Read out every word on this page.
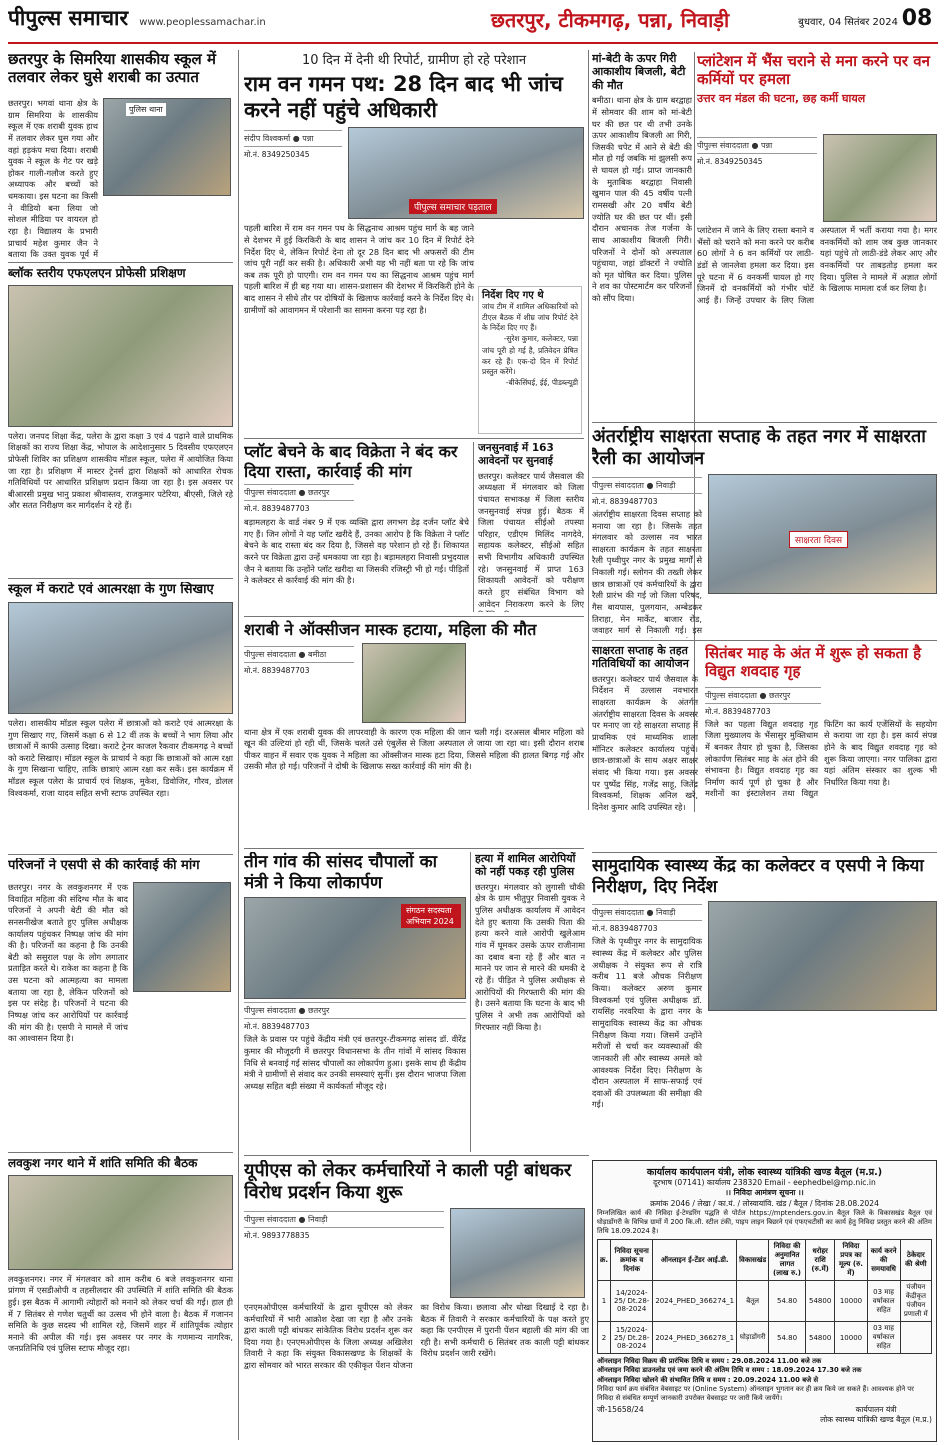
पीपुल्स समाचार www.peoplessamachar.in	छतरपुर, टीकमगढ़, पन्ना, निवाड़ी	बुधवार, 04 सितंबर 2024 08
छतरपुर के सिमरिया शासकीय स्कूल में तलवार लेकर घुसे शराबी का उत्पात
पुलिस थाना
छतरपुर। भगवां थाना क्षेत्र के ग्राम सिमरिया के शासकीय स्कूल में एक शराबी युवक हाथ में तलवार लेकर घुस गया और वहां हड़कंप मचा दिया। शराबी युवक ने स्कूल के गेट पर खड़े होकर गाली-गलौज करते हुए अध्यापक और बच्चों को धमकाया। इस घटना का किसी ने वीडियो बना लिया जो सोशल मीडिया पर वायरल हो रहा है। विद्यालय के प्रभारी प्राचार्य महेश कुमार जैन ने बताया कि उक्त युवक पूर्व में
ब्लॉक स्तरीय एफएलएन प्रोफेसी प्रशिक्षण
पलेरा। जनपद शिक्षा केंद्र, पलेरा के द्वारा कक्षा 3 एवं 4 पढ़ाने वाले प्राथमिक शिक्षकों का राज्य शिक्षा केंद्र, भोपाल के आदेशानुसार 5 दिवसीय एफएलएन प्रोफेसी शिविर का प्रशिक्षण शासकीय मॉडल स्कूल, पलेरा में आयोजित किया जा रहा है। प्रशिक्षण में मास्टर ट्रेनर्स द्वारा शिक्षकों को आधारित रोचक गतिविधियों पर आधारित प्रशिक्षण प्रदान किया जा रहा है। इस अवसर पर बीआरसी प्रमुख भानु प्रकाश श्रीवास्तव, राजकुमार पटेरिया, बीएसी, जिले रहे और सतत निरीक्षण कर मार्गदर्शन दे रहे हैं।
स्कूल में कराटे एवं आत्मरक्षा के गुण सिखाए
पलेरा। शासकीय मॉडल स्कूल पलेरा में छात्राओं को कराटे एवं आत्मरक्षा के गुण सिखाए गए, जिसमें कक्षा 6 से 12 वीं तक के बच्चों ने भाग लिया और छात्राओं में काफी उत्साह दिखा। कराटे ट्रेनर काजल रैकवार टीकमगढ़ ने बच्चों को कराटे सिखाए। मॉडल स्कूल के प्राचार्य ने कहा कि छात्राओं को आत्म रक्षा के गुण सिखाना चाहिए, ताकि छात्राएं आत्म रक्षा कर सकें। इस कार्यक्रम में मॉडल स्कूल पलेरा के प्राचार्य एवं शिक्षक, मुकेश, डिवोजिर, गौरव, डोलल विश्वकर्मा, राजा यादव सहित सभी स्टाफ उपस्थित रहा।
परिजनों ने एसपी से की कार्रवाई की मांग
छतरपुर। नगर के लवकुशनगर में एक विवाहित महिला की संदिग्ध मौत के बाद परिजनों ने अपनी बेटी की मौत को सनसनीखेज बताते हुए पुलिस अधीक्षक कार्यालय पहुंचकर निष्पक्ष जांच की मांग की है। परिजनों का कहना है कि उनकी बेटी को ससुराल पक्ष के लोग लगातार प्रताड़ित करते थे। राकेश का कहना है कि उस घटना को आत्महत्या का मामला बताया जा रहा है, लेकिन परिजनों को इस पर संदेह है। परिजनों ने घटना की निष्पक्ष जांच कर आरोपियों पर कार्रवाई की मांग की है। एसपी ने मामले में जांच का आश्वासन दिया है।
लवकुश नगर थाने में शांति समिति की बैठक
लवकुशनगर। नगर में मंगलवार को शाम करीब 6 बजे लवकुशनगर थाना प्रांगण में एसडीओपी व तहसीलदार की उपस्थिति में शांति समिति की बैठक हुई। इस बैठक में आगामी त्योहारों को मनाने को लेकर चर्चा की गई। हाल ही में 7 सितंबर से गणेश चतुर्थी का उत्सव भी होने वाला है। बैठक में गजानन समिति के कुछ सदस्य भी शामिल रहे, जिसमें शहर में शांतिपूर्वक त्योहार मनाने की अपील की गई। इस अवसर पर नगर के गणमान्य नागरिक, जनप्रतिनिधि एवं पुलिस स्टाफ मौजूद रहा।
10 दिन में देनी थी रिपोर्ट, ग्रामीण हो रहे परेशान
राम वन गमन पथ: 28 दिन बाद भी जांच करने नहीं पहुंचे अधिकारी
संदीप विश्वकर्मा ● पन्ना
मो.नं. 8349250345
पीपुल्स समाचार पड़ताल
पहली बारिश में राम वन गमन पथ के सिद्धनाथ आश्रम पहुंच मार्ग के बह जाने से देशभर में हुई किरकिरी के बाद शासन ने जांच कर 10 दिन में रिपोर्ट देने निर्देश दिए थे, लेकिन रिपोर्ट देना तो दूर 28 दिन बाद भी अफसरों की टीम जांच पूरी नहीं कर सकी है। अधिकारी अभी यह भी नहीं बता पा रहे कि जांच कब तक पूरी हो पाएगी। राम वन गमन पथ का सिद्धनाथ आश्रम पहुंच मार्ग पहली बारिश में ही बह गया था। शासन-प्रशासन की देशभर में किरकिरी होने के बाद शासन ने सीधे तौर पर दोषियों के खिलाफ कार्रवाई करने के निर्देश दिए थे। ग्रामीणों को आवागमन में परेशानी का सामना करना पड़ रहा है।
निर्देश दिए गए थे
जांच टीम में शामिल अधिकारियों को टीएल बैठक में शीघ्र जांच रिपोर्ट देने के निर्देश दिए गए हैं।
-सुरेश कुमार, कलेक्टर, पन्ना
जांच पूरी हो गई है, प्रतिवेदन प्रेषित कर रहे हैं। एक-दो दिन में रिपोर्ट प्रस्तुत करेंगे।
-बीकेसिंघई, ईई, पीडब्ल्यूडी
मां-बेटी के ऊपर गिरी आकाशीय बिजली, बेटी की मौत
बमीठा। थाना क्षेत्र के ग्राम बरद्वाहा में सोमवार की शाम को मां-बेटी घर की छत पर थी तभी उनके ऊपर आकाशीय बिजली आ गिरी, जिसकी चपेट में आने से बेटी की मौत हो गई जबकि मां झुलसी रूप से घायल हो गई। प्राप्त जानकारी के मुताबिक बरद्वाहा निवासी खुमान पाल की 45 वर्षीय पत्नी रामसखी और 20 वर्षीय बेटी ज्योति घर की छत पर थीं। इसी दौरान अचानक तेज गर्जना के साथ आकाशीय बिजली गिरी। परिजनों ने दोनों को अस्पताल पहुंचाया, जहां डॉक्टरों ने ज्योति को मृत घोषित कर दिया। पुलिस ने शव का पोस्टमार्टम कर परिजनों को सौंप दिया।
प्लॉट बेचने के बाद विक्रेता ने बंद कर दिया रास्ता, कार्रवाई की मांग
पीपुल्स संवाददाता ● छतरपुर
मो.नं. 8839487703
बड़ामलहरा के वार्ड नंबर 9 में एक व्यक्ति द्वारा लगभग डेढ़ दर्जन प्लॉट बेचे गए हैं। जिन लोगों ने यह प्लॉट खरीदे हैं, उनका आरोप है कि विक्रेता ने प्लॉट बेचने के बाद रास्ता बंद कर दिया है, जिससे वह परेशान हो रहे हैं। शिकायत करने पर विक्रेता द्वारा उन्हें धमकाया जा रहा है। बड़ामलहरा निवासी प्रभुदयाल जैन ने बताया कि उन्होंने प्लॉट खरीदा था जिसकी रजिस्ट्री भी हो गई। पीड़ितों ने कलेक्टर से कार्रवाई की मांग की है।
जनसुनवाई में 163 आवेदनों पर सुनवाई
छतरपुर। कलेक्टर पार्थ जैसवाल की अध्यक्षता में मंगलवार को जिला पंचायत सभाकक्ष में जिला स्तरीय जनसुनवाई संपन्न हुई। बैठक में जिला पंचायत सीईओ तपस्या परिहार, एडीएम मिलिंद नागदेवे, सहायक कलेक्टर, सीईओ सहित सभी विभागीय अधिकारी उपस्थित रहे। जनसुनवाई में प्राप्त 163 शिकायती आवेदनों को परीक्षण करते हुए संबंधित विभाग को आवेदन निराकरण करने के लिए
शराबी ने ऑक्सीजन मास्क हटाया, महिला की मौत
पीपुल्स संवाददाता ● बमीठा
मो.नं. 8839487703
थाना क्षेत्र में एक शराबी युवक की लापरवाही के कारण एक महिला की जान चली गई। दरअसल बीमार महिला को खून की उल्टियां हो रही थीं, जिसके चलते उसे एंबुलेंस से जिला अस्पताल ले जाया जा रहा था। इसी दौरान शराब पीकर वाहन में सवार एक युवक ने महिला का ऑक्सीजन मास्क हटा दिया, जिससे महिला की हालत बिगड़ गई और उसकी मौत हो गई। परिजनों ने दोषी के खिलाफ सख्त कार्रवाई की मांग की है।
तीन गांव की सांसद चौपालों का मंत्री ने किया लोकार्पण
संगठन सदस्यता अभियान 2024
पीपुल्स संवाददाता ● छतरपुर
मो.नं. 8839487703
जिले के प्रवास पर पहुंचे केंद्रीय मंत्री एवं छतरपुर-टीकमगढ़ सांसद डॉ. वीरेंद्र कुमार की मौजूदगी में छतरपुर विधानसभा के तीन गांवों में सांसद विकास निधि से बनवाई गई सांसद चौपालों का लोकार्पण हुआ। इसके साथ ही केंद्रीय मंत्री ने ग्रामीणों से संवाद कर उनकी समस्याएं सुनीं। इस दौरान भाजपा जिला अध्यक्ष सहित बड़ी संख्या में कार्यकर्ता मौजूद रहे।
हत्या में शामिल आरोपियों को नहीं पकड़ रही पुलिस
छतरपुर। मंगलवार को लुगासी चौकी क्षेत्र के ग्राम भीतुपुर निवासी युवक ने पुलिस अधीक्षक कार्यालय में आवेदन देते हुए बताया कि उसकी पिता की हत्या करने वाले आरोपी खुलेआम गांव में घूमकर उसके ऊपर राजीनामा का दबाव बना रहे हैं और बात न मानने पर जान से मारने की धमकी दे रहे हैं। पीड़ित ने पुलिस अधीक्षक से आरोपियों की गिरफ्तारी की मांग की है। उसने बताया कि घटना के बाद भी पुलिस ने अभी तक आरोपियों को गिरफ्तार नहीं किया है।
यूपीएस को लेकर कर्मचारियों ने काली पट्टी बांधकर विरोध प्रदर्शन किया शुरू
पीपुल्स संवाददाता ● निवाड़ी
मो.नं. 9893778835
एनएमओपीएस कर्मचारियों के द्वारा यूपीएस को लेकर कर्मचारियों में भारी आक्रोश देखा जा रहा है और उनके द्वारा काली पट्टी बांधकर सांकेतिक विरोध प्रदर्शन शुरू कर दिया गया है। एनएमओपीएस के जिला अध्यक्ष अखिलेश तिवारी ने कहा कि संयुक्त विकासखण्ड के शिक्षकों के द्वारा सोमवार को भारत सरकार की एकीकृत पेंशन योजना का विरोध किया। छलावा और धोखा दिखाई दे रहा है। बैठक में तिवारी ने सरकार कर्मचारियों के पक्ष करते हुए कहा कि एनपीएस में पुरानी पेंशन बहाली की मांग की जा रही है। सभी कर्मचारी 6 सितंबर तक काली पट्टी बांधकर विरोध प्रदर्शन जारी रखेंगे।
प्लांटेशन में भैंस चराने से मना करने पर वन कर्मियों पर हमला
उत्तर वन मंडल की घटना, छह कर्मी घायल
पीपुल्स संवाददाता ● पन्ना
मो.नं. 8349250345
प्लांटेशन में जाने के लिए रास्ता बनाने व भैंसों को चराने को मना करने पर करीब 60 लोगों ने 6 वन कर्मियों पर लाठी-डंडों से जानलेवा हमला कर दिया। इस पूरे घटना में 6 वनकर्मी घायल हो गए जिनमें दो वनकर्मियों को गंभीर चोटें आई हैं। जिन्हें उपचार के लिए जिला अस्पताल में भर्ती कराया गया है। मगर वनकर्मियों को शाम जब कुछ जानकार यहां पहुंचे तो लाठी-डंडे लेकर आए और वनकर्मियों पर ताबड़तोड़ हमला कर दिया। पुलिस ने मामले में अज्ञात लोगों के खिलाफ मामला दर्ज कर लिया है।
अंतर्राष्ट्रीय साक्षरता सप्ताह के तहत नगर में साक्षरता रैली का आयोजन
पीपुल्स संवाददाता ● निवाड़ी
मो.नं. 8839487703
अंतर्राष्ट्रीय साक्षरता दिवस सप्ताह को मनाया जा रहा है। जिसके तहत मंगलवार को उल्लास नव भारत साक्षरता कार्यक्रम के तहत साक्षरता रैली पृथ्वीपुर नगर के प्रमुख मार्गों से निकाली गई। स्लोगन की तख्ती लेकर छात्र छात्राओं एवं कर्मचारियों के द्वारा रैली प्रारंभ की गई जो जिला परिषद, गैस बायपास, पुलगयान, अम्बेडकर तिराहा, मेन मार्केट, बाजार रोड, जवाहर मार्ग से निकाली गई। इस
साक्षरता दिवस
साक्षरता सप्ताह के तहत गतिविधियों का आयोजन
छतरपुर। कलेक्टर पार्थ जैसवाल के निर्देशन में उल्लास नवभारत साक्षरता कार्यक्रम के अंतर्गत अंतर्राष्ट्रीय साक्षरता दिवस के अवसर पर मनाए जा रहे साक्षरता सप्ताह में प्राथमिक एवं माध्यमिक शाला मॉनिटर कलेक्टर कार्यालय पहुंचे। छात्र-छात्राओं के साथ अक्षर साक्षर संवाद भी किया गया। इस अवसर पर पुष्पेंद्र सिंह, गजेंद्र साहू, जितेंद्र विश्वकर्मा, शिक्षक अनिल खरे, दिनेश कुमार आदि उपस्थित रहे।
सितंबर माह के अंत में शुरू हो सकता है विद्युत शवदाह गृह
पीपुल्स संवाददाता ● छतरपुर
मो.नं. 8839487703
जिले का पहला विद्युत शवदाह गृह जिला मुख्यालय के भैंसासुर मुक्तिधाम में बनकर तैयार हो चुका है, जिसका लोकार्पण सितंबर माह के अंत होने की संभावना है। विद्युत शवदाह गृह का निर्माण कार्य पूर्ण हो चुका है और मशीनों का इंस्टालेशन तथा विद्युत फिटिंग का कार्य एजेंसियों के सहयोग से कराया जा रहा है। इस कार्य संपन्न होने के बाद विद्युत शवदाह गृह को शुरू किया जाएगा। नगर पालिका द्वारा यहां अंतिम संस्कार का शुल्क भी निर्धारित किया गया है।
सामुदायिक स्वास्थ्य केंद्र का कलेक्टर व एसपी ने किया निरीक्षण, दिए निर्देश
पीपुल्स संवाददाता ● निवाड़ी
मो.नं. 8839487703
जिले के पृथ्वीपुर नगर के सामुदायिक स्वास्थ्य केंद्र में कलेक्टर और पुलिस अधीक्षक ने संयुक्त रूप से रात्रि करीब 11 बजे औचक निरीक्षण किया। कलेक्टर अरुण कुमार विश्वकर्मा एवं पुलिस अधीक्षक डॉ. रायसिंह नरवरिया के द्वारा नगर के सामुदायिक स्वास्थ्य केंद्र का औचक निरीक्षण किया गया। जिसमें उन्होंने मरीजों से चर्चा कर व्यवस्थाओं की जानकारी ली और स्वास्थ्य अमले को आवश्यक निर्देश दिए। निरीक्षण के दौरान अस्पताल में साफ-सफाई एवं दवाओं की उपलब्धता की समीक्षा की गई।
कार्यालय कार्यपालन यंत्री, लोक स्वास्थ्य यांत्रिकी खण्ड बैतूल (म.प्र.)
दूरभाष (07141) कार्यालय 238320 Email - eephedbel@mp.nic.in
।। निविदा आमंत्रण सूचना ।।
क्रमांक 2046 / लेखा / का.यं. / लोस्वायांवि. खंड / बैतूल / दिनांक 28.08.2024
निम्नलिखित कार्य की निविदा ई-टेण्डरिंग पद्धति से पोर्टल https://mptenders.gov.in बैतूल जिले के विकासखंड बैतूल एवं घोड़ाडोंगरी के विभिन्न ग्रामों में 200 कि.ली. स्टील टंकी, पाइप लाइन बिछाने एवं एफएचटीसी का कार्य हेतु निविदा प्रस्तुत करने की अंतिम तिथि 18.09.2024 है।
क्र.	निविदा सूचना क्रमांक व दिनांक	ऑनलाइन ई-टेंडर आई.डी.	विकासखंड	निविदा की अनुमानित लागत (लाख रु.)	धरोहर राशि (रु.में)	निविदा प्रपत्र का मूल्य (रु. में)	कार्य करने की समयावधि	ठेकेदार की श्रेणी
1	14/2024-25/ Dt.28-08-2024	2024_PHED_366274_1	बैतूल	54.80	54800	10000	03 माह वर्षाकाल सहित	पंजीयन केंद्रीकृत पंजीयन प्रणाली में
2	15/2024-25/ Dt.28-08-2024	2024_PHED_366278_1	घोड़ाडोंगरी	54.80	54800	10000	03 माह वर्षाकाल सहित	
ऑनलाइन निविदा विक्रय की प्रारंभिक तिथि व समय : 29.08.2024 11.00 बजे तक
ऑनलाइन निविदा डाउनलोड एवं जमा करने की अंतिम तिथि व समय : 18.09.2024 17.30 बजे तक
ऑनलाइन निविदा खोलने की संभावित तिथि व समय : 20.09.2024 11.00 बजे से
निविदा फार्म क्रय संबंधित वेबसाइट पर (Online System) ऑनलाइन भुगतान कर ही क्रय किये जा सकते हैं। आवश्यक होने पर निविदा से संबंधित सम्पूर्ण जानकारी उपरोक्त वेबसाइट पर जारी किये जायेंगे।
जी-15658/24	कार्यपालन यंत्री
लोक स्वास्थ्य यांत्रिकी खण्ड बैतूल (म.प्र.)
